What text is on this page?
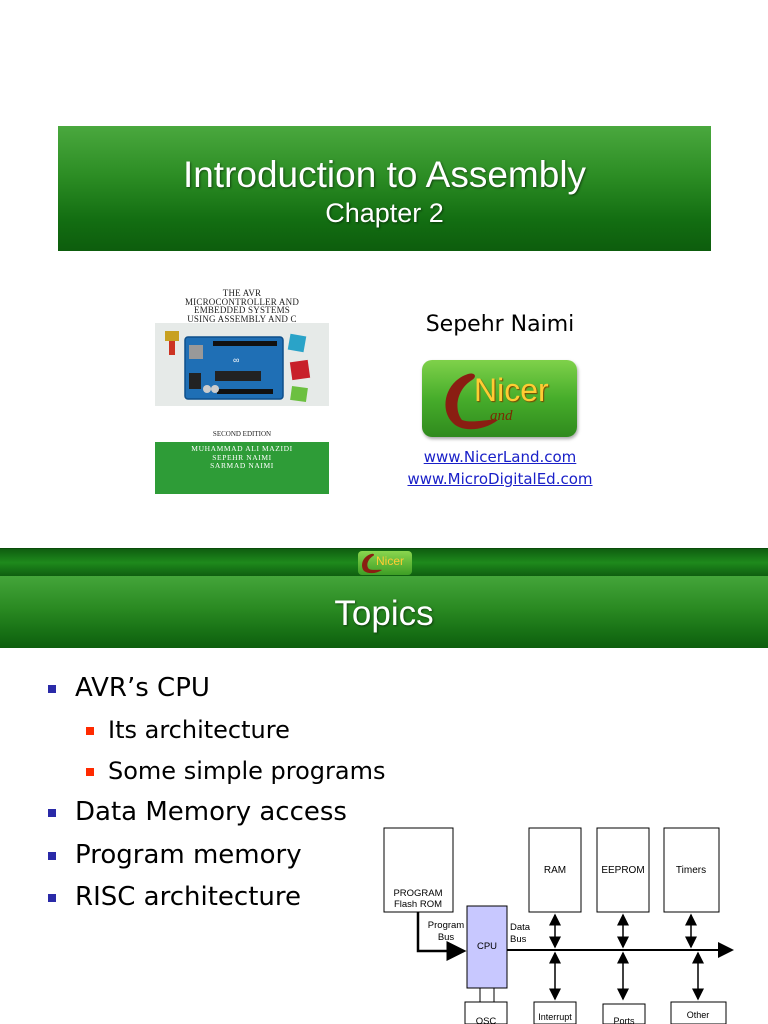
Introduction to Assembly
Chapter 2
THE AVR
MICROCONTROLLER AND
EMBEDDED SYSTEMS
USING ASSEMBLY AND C
∞
SECOND EDITION
MUHAMMAD ALI MAZIDI
SEPEHR NAIMI
SARMAD NAIMI
Sepehr Naimi
Nicer
and
www.NicerLand.com
www.MicroDigitalEd.com
Nicer
Topics
AVR’s CPU
Its architecture
Some simple programs
Data Memory access
Program memory
RISC architecture	PROGRAM
Flash ROM
Program
Bus
CPU
OSC
Data
Bus
RAM	EEPROM	Timers
Interrupt	Ports
Other
